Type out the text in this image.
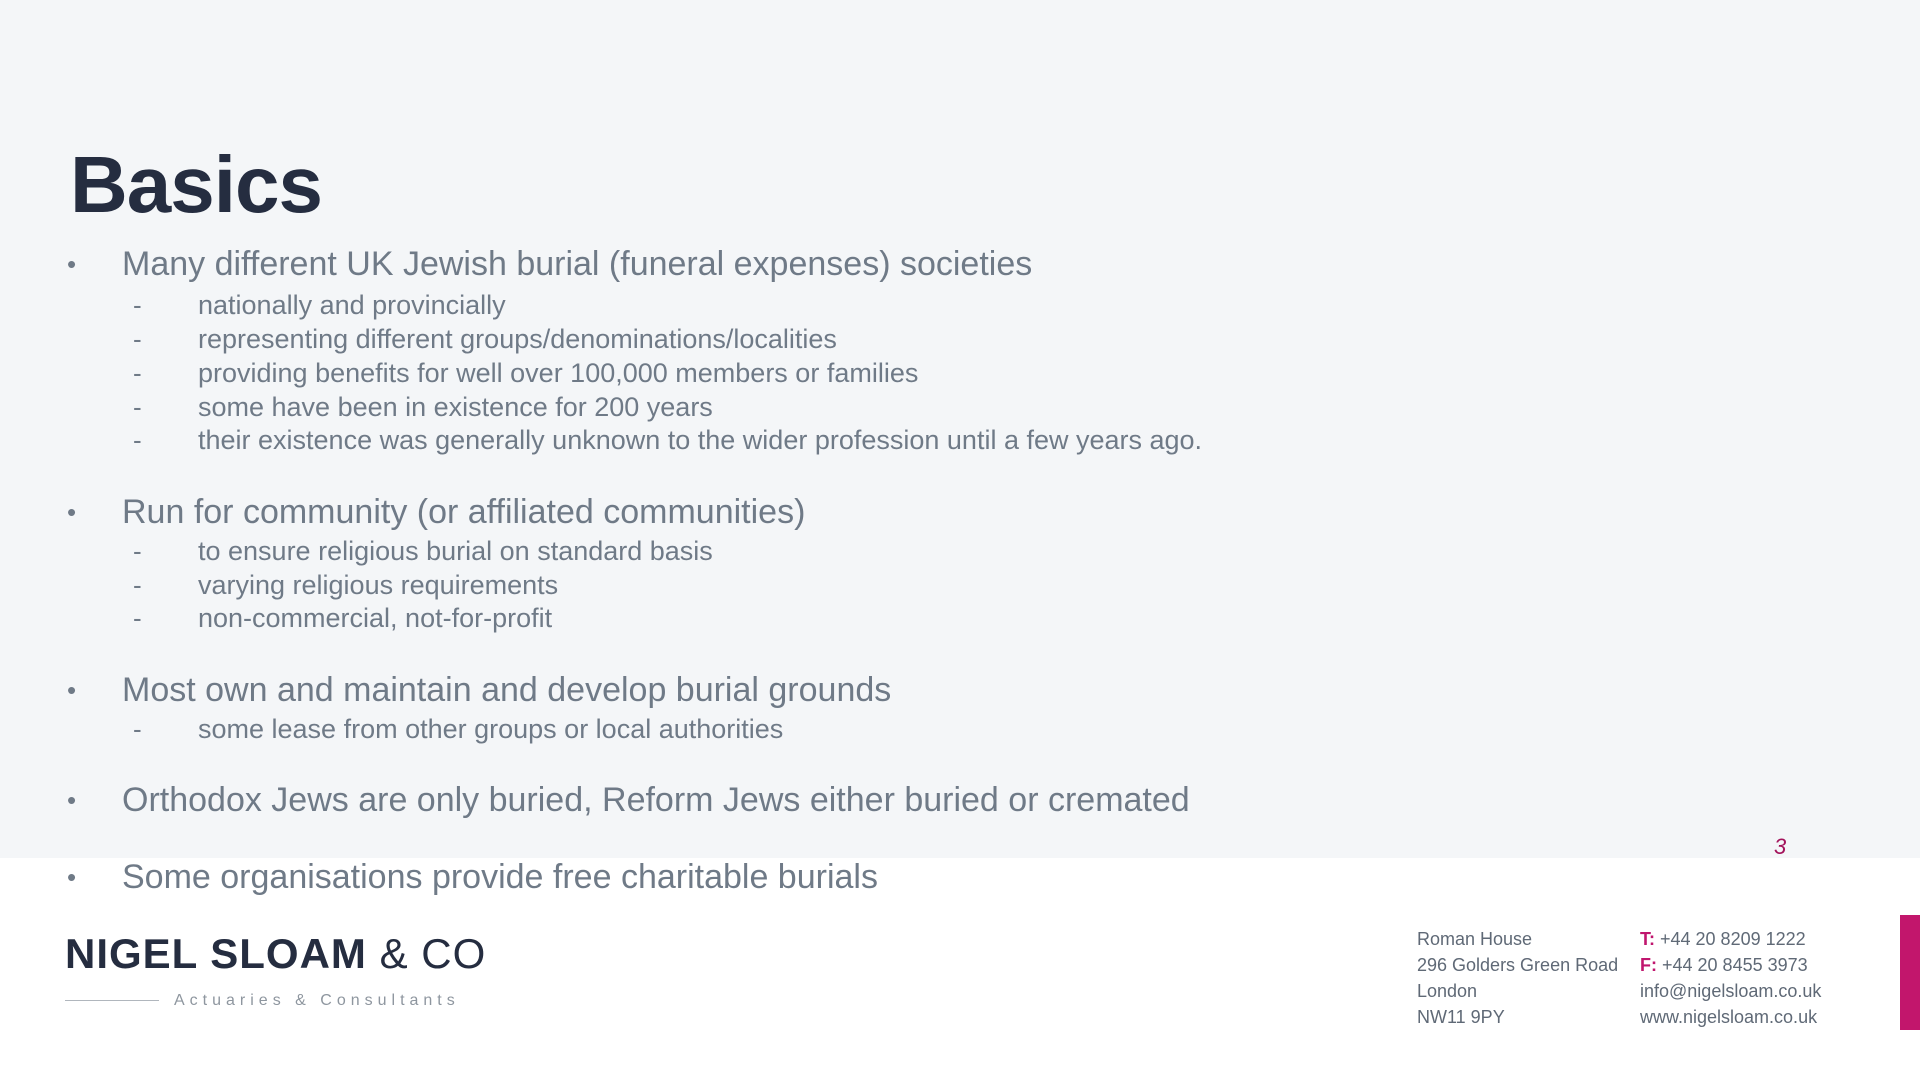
Basics
• Many different UK Jewish burial (funeral expenses) societies
- nationally and provincially
- representing different groups/denominations/localities
- providing benefits for well over 100,000 members or families
- some have been in existence for 200 years
- their existence was generally unknown to the wider profession until a few years ago.
• Run for community (or affiliated communities)
- to ensure religious burial on standard basis
- varying religious requirements
- non-commercial, not-for-profit
• Most own and maintain and develop burial grounds
- some lease from other groups or local authorities
• Orthodox Jews are only buried, Reform Jews either buried or cremated
3
• Some organisations provide free charitable burials
NIGEL SLOAM & CO
Actuaries & Consultants
Roman House
296 Golders Green Road
London
NW11 9PY
T: +44 20 8209 1222
F: +44 20 8455 3973
info@nigelsloam.co.uk
www.nigelsloam.co.uk
